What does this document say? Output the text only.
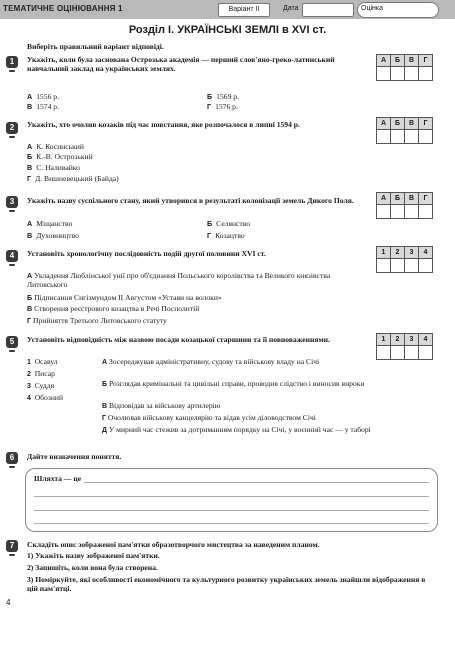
ТЕМАТИЧНЕ ОЦІНЮВАННЯ 1	Варіант ІІ	Дата	Оцінка
Розділ І. УКРАЇНСЬКІ ЗЕМЛІ в XVI ст.
Виберіть правильний варіант відповіді.
1	Укажіть, коли була заснована Острозька академія — перший слов'яно-греко-латинський навчальний заклад на українських землях.
А 1556 р.	Б 1569 р.
В 1574 р.	Г 1576 р.
А	Б	В	Г

2	Укажіть, хто очолив козаків під час повстання, яке розпочалося в липні 1594 р.
А К. Косинський
Б К.-В. Острозький
В С. Наливайко
Г Д. Вишневецький (Байда)
А	Б	В	Г

3	Укажіть назву суспільного стану, який утворився в результаті колонізації земель Дикого Поля.
А Міщанство	Б Селянство
В Духовництво	Г Козацтво
А	Б	В	Г

4	Установіть хронологічну послідовність подій другої половини XVI ст.
А Укладення Люблінської унії про об'єднання Польського королівства та Великого князівства Литовського
Б Підписання Сигізмундом ІІ Августом «Устави на волоки»
В Створення реєстрового козацтва в Речі Посполитій
Г Прийняття Третього Литовського статуту
1	2	3	4

5	Установіть відповідність між назвою посади козацької старшини та її повноваженнями.	1	2	3	4

1 Осавул
2 Писар
3 Суддя
4 Обозний
А Зосереджував адміністративну, судову та військову владу на Січі
Б Розглядав кримінальні та цивільні справи, проводив слідство і виносив вироки
В Відповідав за військову артилерію
Г Очолював військову канцелярію та відав усім діловодством Січі
Д У мирний час стежив за дотриманням порядку на Січі, у воєнний час — у таборі
6	Дайте визначення поняття.
Шляхта — це
7	Складіть опис зображеної пам'ятки образотворчого мистецтва за наведеним планом.
1) Укажіть назву зображеної пам'ятки.
2) Запишіть, коли вона була створена.
3) Поміркуйте, які особливості економічного та культурного розвитку українських земель знайшли відображення в цій пам'ятці.
4
